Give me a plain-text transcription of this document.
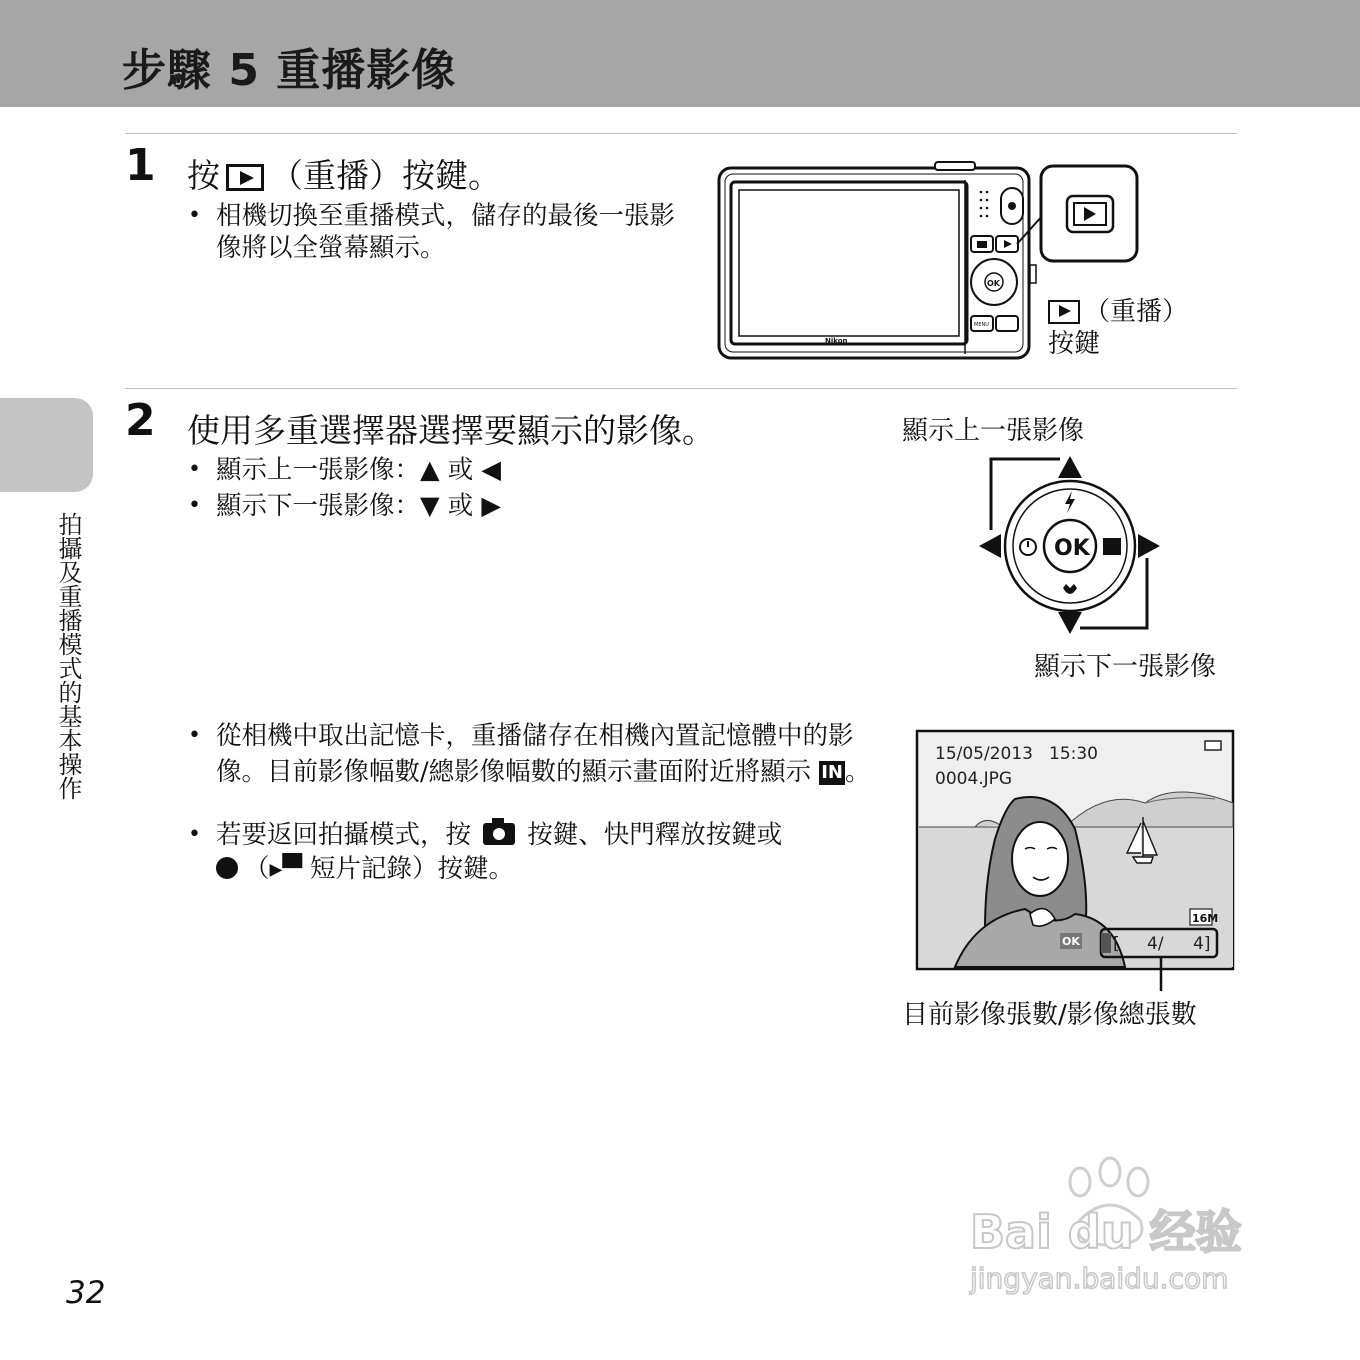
步驟 5 重播影像
拍攝及重播模式的基本操作
1 按 （重播）按鍵。
• 相機切換至重播模式，儲存的最後一張影像將以全螢幕顯示。
Nikon
OK
MENU	（重播）
按鍵
2 使用多重選擇器選擇要顯示的影像。
• 顯示上一張影像：▲ 或 ◀
• 顯示下一張影像：▼ 或 ▶
顯示上一張影像
顯示下一張影像
OK
• 從相機中取出記憶卡，重播儲存在相機內置記憶體中的影像。目前影像幅數/總影像幅數的顯示畫面附近將顯示 IN。
• 若要返回拍攝模式，按 按鍵、快門釋放按鍵或
（▸▀ 短片記錄）按鍵。
15/05/2013 15:30
0004.JPG
16M
OK [ 4/ 4]
目前影像張數/影像總張數
32
Bai du 经验
jingyan.baidu.com
